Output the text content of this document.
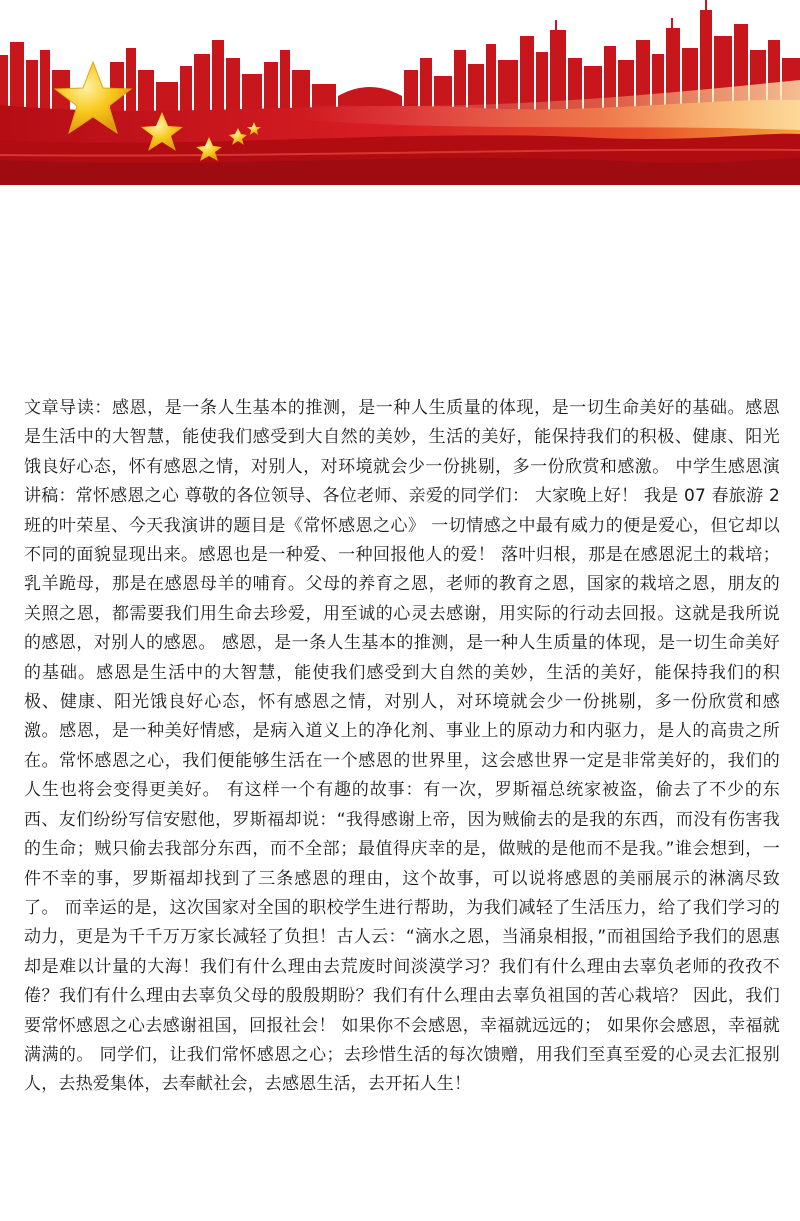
文章导读：感恩，是一条人生基本的推测，是一种人生质量的体现，是一切生命美好的基础。感恩是生活中的大智慧，能使我们感受到大自然的美妙，生活的美好，能保持我们的积极、健康、阳光饿良好心态，怀有感恩之情，对别人，对环境就会少一份挑剔，多一份欣赏和感激。 中学生感恩演讲稿：常怀感恩之心 尊敬的各位领导、各位老师、亲爱的同学们： 大家晚上好！ 我是 07 春旅游 2 班的叶荣星、今天我演讲的题目是《常怀感恩之心》 一切情感之中最有威力的便是爱心，但它却以不同的面貌显现出来。感恩也是一种爱、一种回报他人的爱！ 落叶归根，那是在感恩泥土的栽培；乳羊跪母，那是在感恩母羊的哺育。父母的养育之恩，老师的教育之恩，国家的栽培之恩，朋友的关照之恩，都需要我们用生命去珍爱，用至诚的心灵去感谢，用实际的行动去回报。这就是我所说的感恩，对别人的感恩。 感恩，是一条人生基本的推测，是一种人生质量的体现，是一切生命美好的基础。感恩是生活中的大智慧，能使我们感受到大自然的美妙，生活的美好，能保持我们的积极、健康、阳光饿良好心态，怀有感恩之情，对别人，对环境就会少一份挑剔，多一份欣赏和感激。感恩，是一种美好情感，是病入道义上的净化剂、事业上的原动力和内驱力，是人的高贵之所在。常怀感恩之心，我们便能够生活在一个感恩的世界里，这会感世界一定是非常美好的，我们的人生也将会变得更美好。 有这样一个有趣的故事：有一次，罗斯福总统家被盗，偷去了不少的东西、友们纷纷写信安慰他，罗斯福却说：“我得感谢上帝，因为贼偷去的是我的东西，而没有伤害我的生命；贼只偷去我部分东西，而不全部；最值得庆幸的是，做贼的是他而不是我。”谁会想到，一件不幸的事，罗斯福却找到了三条感恩的理由，这个故事，可以说将感恩的美丽展示的淋漓尽致了。 而幸运的是，这次国家对全国的职校学生进行帮助，为我们减轻了生活压力，给了我们学习的动力，更是为千千万万家长减轻了负担！古人云：“滴水之恩，当涌泉相报，”而祖国给予我们的恩惠却是难以计量的大海！我们有什么理由去荒废时间淡漠学习？我们有什么理由去辜负老师的孜孜不倦？我们有什么理由去辜负父母的殷殷期盼？我们有什么理由去辜负祖国的苦心栽培？ 因此，我们要常怀感恩之心去感谢祖国，回报社会！ 如果你不会感恩，幸福就远远的； 如果你会感恩，幸福就满满的。 同学们，让我们常怀感恩之心；去珍惜生活的每次馈赠，用我们至真至爱的心灵去汇报别人，去热爱集体，去奉献社会，去感恩生活，去开拓人生！
